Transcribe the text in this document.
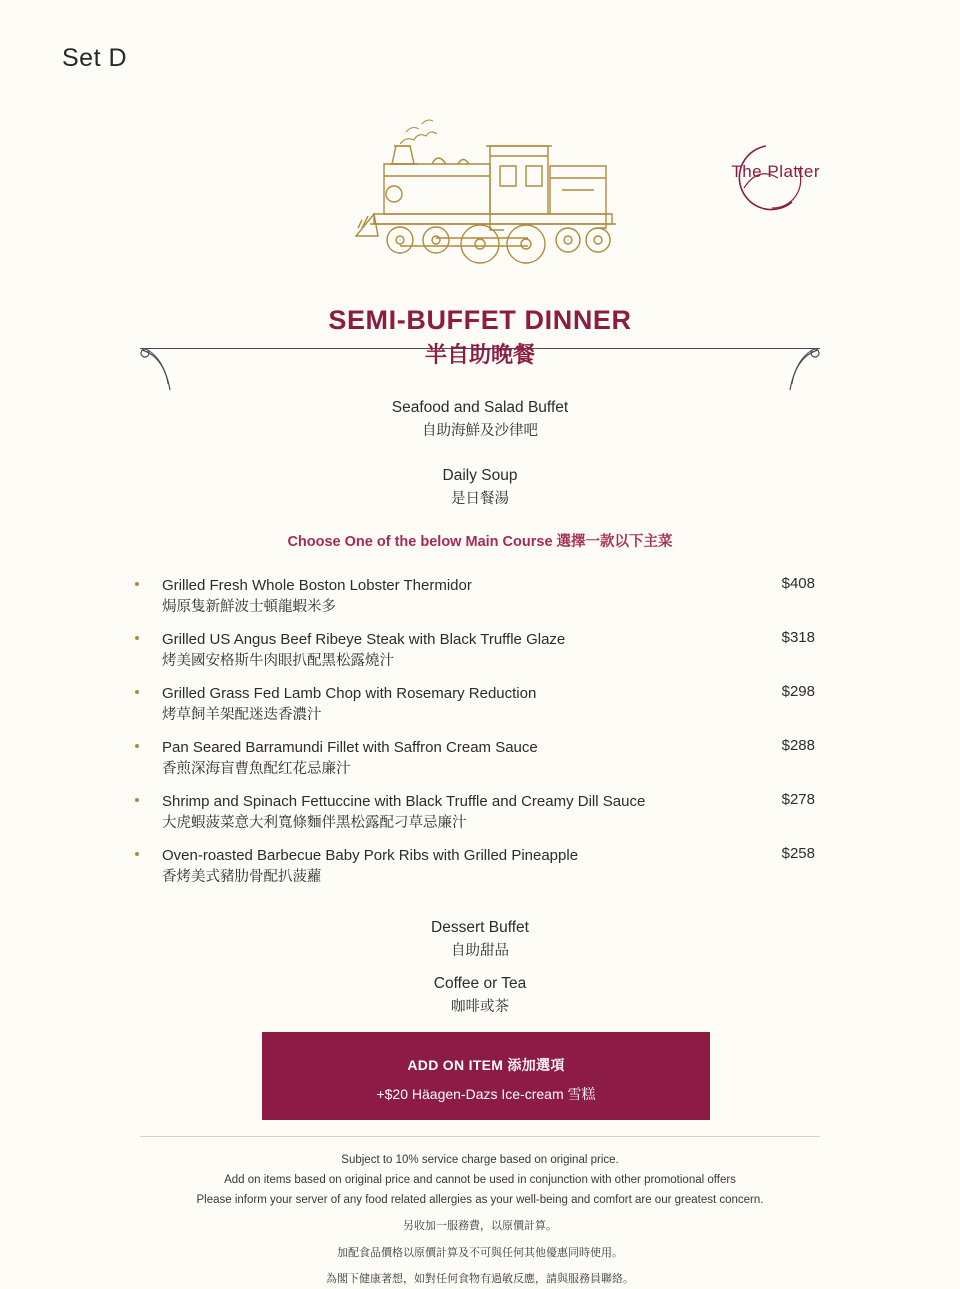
Set D
The Platter
SEMI-BUFFET DINNER
半自助晚餐
Seafood and Salad Buffet
自助海鮮及沙律吧
Daily Soup
是日餐湯
Choose One of the below Main Course 選擇一款以下主菜
Grilled Fresh Whole Boston Lobster Thermidor
焗原隻新鮮波士頓龍蝦米多
$408
Grilled US Angus Beef Ribeye Steak with Black Truffle Glaze
烤美國安格斯牛肉眼扒配黑松露燒汁
$318
Grilled Grass Fed Lamb Chop with Rosemary Reduction
烤草飼羊架配迷迭香濃汁
$298
Pan Seared Barramundi Fillet with Saffron Cream Sauce
香煎深海盲曹魚配红花忌廉汁
$288
Shrimp and Spinach Fettuccine with Black Truffle and Creamy Dill Sauce
大虎蝦菠菜意大利寬條麵伴黑松露配刁草忌廉汁
$278
Oven-roasted Barbecue Baby Pork Ribs with Grilled Pineapple
香烤美式豬肋骨配扒菠蘿
$258
Dessert Buffet
自助甜品
Coffee or Tea
咖啡或茶
ADD ON ITEM 添加選項
+$20 Häagen-Dazs Ice-cream 雪糕
Subject to 10% service charge based on original price.
Add on items based on original price and cannot be used in conjunction with other promotional offers
Please inform your server of any food related allergies as your well-being and comfort are our greatest concern.
另收加一服務費，以原價計算。
加配食品價格以原價計算及不可與任何其他優惠同時使用。
為閣下健康著想，如對任何食物有過敏反應，請與服務員聯絡。
